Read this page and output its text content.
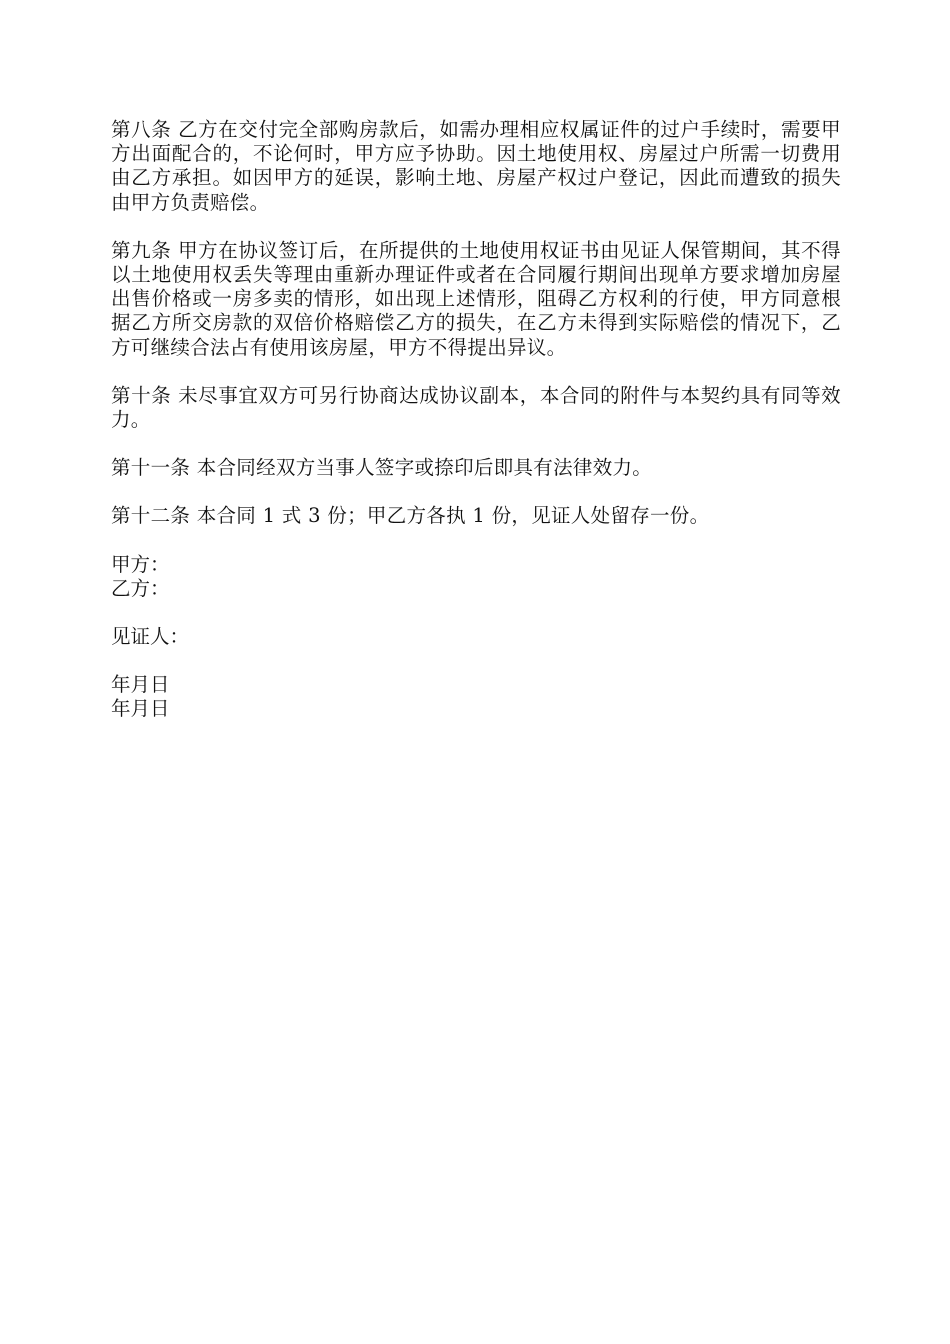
第八条 乙方在交付完全部购房款后，如需办理相应权属证件的过户手续时，需要甲方出面配合的，不论何时，甲方应予协助。因土地使用权、房屋过户所需一切费用由乙方承担。如因甲方的延误，影响土地、房屋产权过户登记，因此而遭致的损失由甲方负责赔偿。

第九条 甲方在协议签订后，在所提供的土地使用权证书由见证人保管期间，其不得以土地使用权丢失等理由重新办理证件或者在合同履行期间出现单方要求增加房屋出售价格或一房多卖的情形，如出现上述情形，阻碍乙方权利的行使，甲方同意根据乙方所交房款的双倍价格赔偿乙方的损失，在乙方未得到实际赔偿的情况下，乙方可继续合法占有使用该房屋，甲方不得提出异议。

第十条 未尽事宜双方可另行协商达成协议副本，本合同的附件与本契约具有同等效力。

第十一条 本合同经双方当事人签字或捺印后即具有法律效力。

第十二条 本合同 1 式 3 份；甲乙方各执 1 份，见证人处留存一份。

甲方：

乙方：

见证人：

年月日

年月日
